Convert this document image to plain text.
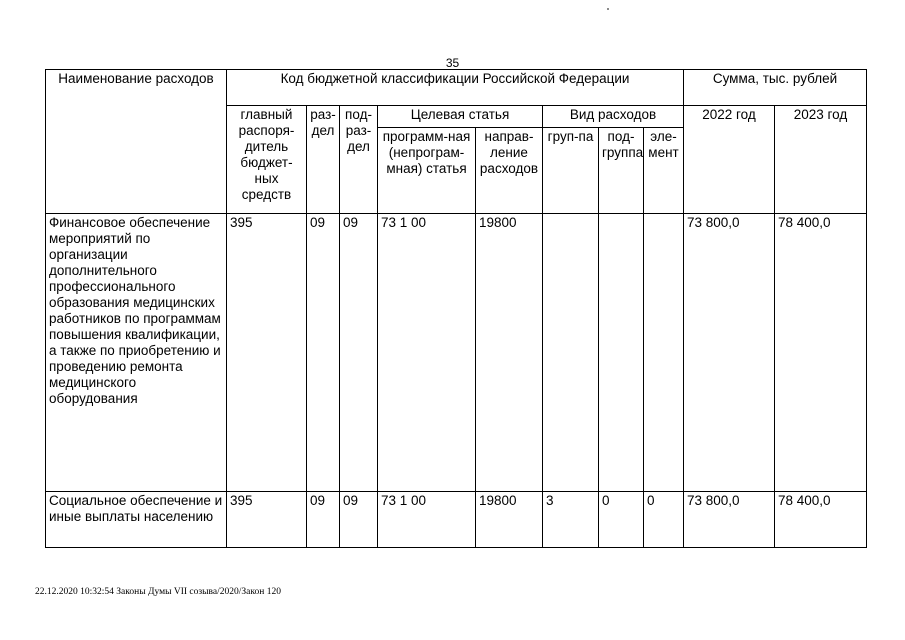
35
Наименование расходов	Код бюджетной классификации Российской Федерации								Сумма, тыс. рублей	
	главный распоря-дитель бюджет-ных средств	раз-дел	под-раз-дел	Целевая статья		Вид расходов			2022 год	2023 год
				программ-ная (непрограм-мная) статья	направ-ление расходов	груп-па	под-группа	эле-мент		
Финансовое обеспечение мероприятий по организации дополнительного профессионального образования медицинских работников по программам повышения квалификации, а также по приобретению и проведению ремонта медицинского оборудования	395	09	09	73 1 00	19800				73 800,0	78 400,0
Социальное обеспечение и иные выплаты населению	395	09	09	73 1 00	19800	3	0	0	73 800,0	78 400,0
22.12.2020 10:32:54 Законы Думы VII созыва/2020/Закон 120
